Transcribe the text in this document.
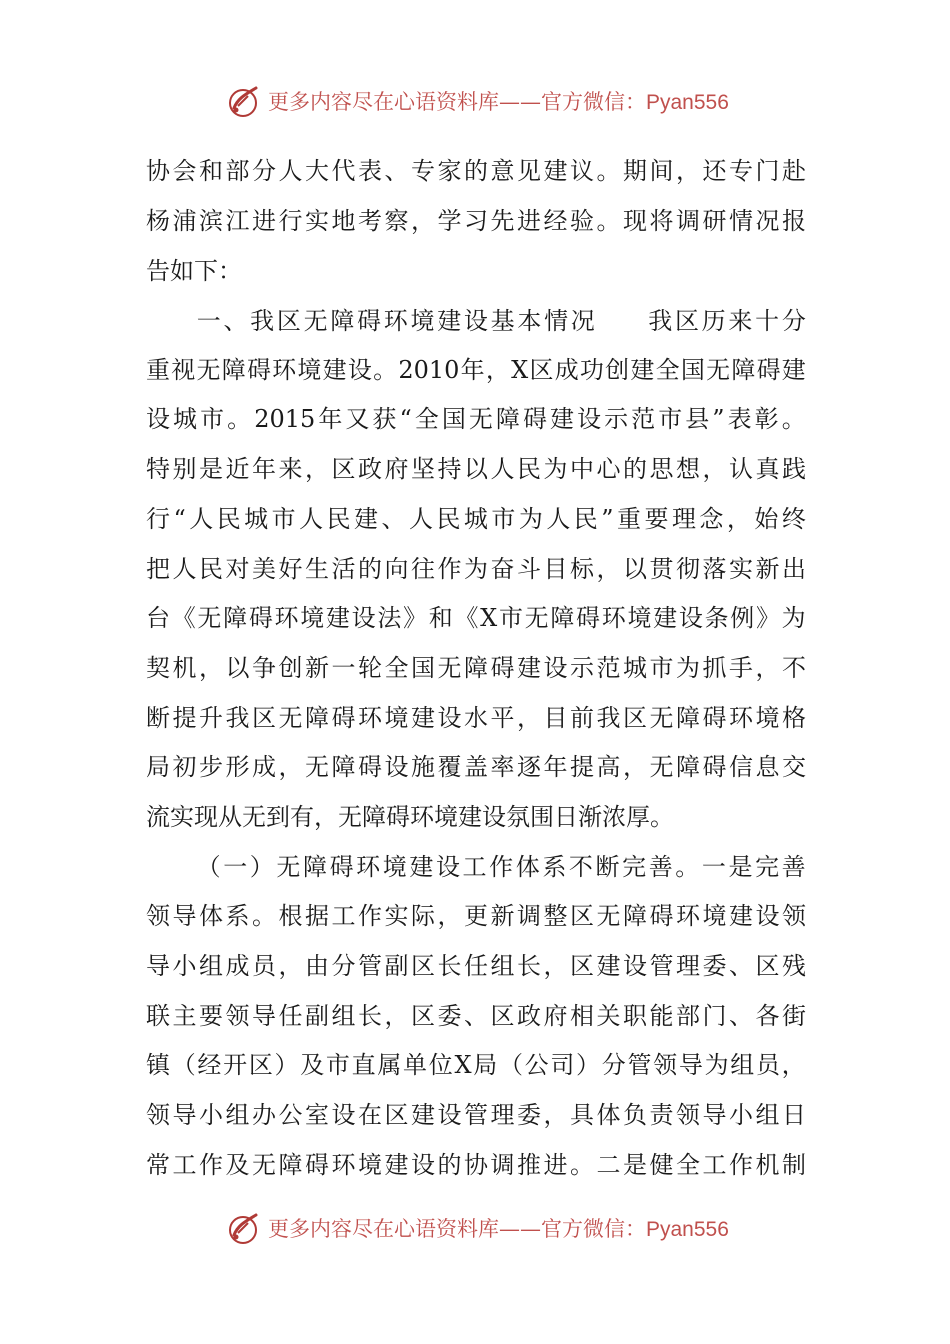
更多内容尽在心语资料库——官方微信：Pyan556
协 会 和 部 分 人 大 代 表 、 专 家 的 意 见 建 议 。 期 间 ， 还 专 门 赴
杨 浦 滨 江 进 行 实 地 考 察 ， 学 习 先 进 经 验 。 现 将 调 研 情 况 报
告如下：

一 、 我 区 无 障 碍 环 境 建 设 基 本 情 况
　　 我 区 历 来 十 分
重 视 无 障 碍 环 境 建 设 。 2010 年 ， X 区 成 功 创 建 全 国 无 障 碍 建
设 城 市 。 2015 年 又 获 “ 全 国 无 障 碍 建 设 示 范 市 县 ” 表 彰 。
特 别 是 近 年 来 ， 区 政 府 坚 持 以 人 民 为 中 心 的 思 想 ， 认 真 践
行 “ 人 民 城 市 人 民 建 、 人 民 城 市 为 人 民 ” 重 要 理 念 ， 始 终
把 人 民 对 美 好 生 活 的 向 往 作 为 奋 斗 目 标 ， 以 贯 彻 落 实 新 出
台 《 无 障 碍 环 境 建 设 法 》 和 《 X 市 无 障 碍 环 境 建 设 条 例 》 为
契 机 ， 以 争 创 新 一 轮 全 国 无 障 碍 建 设 示 范 城 市 为 抓 手 ， 不
断 提 升 我 区 无 障 碍 环 境 建 设 水 平 ， 目 前 我 区 无 障 碍 环 境 格
局 初 步 形 成 ， 无 障 碍 设 施 覆 盖 率 逐 年 提 高 ， 无 障 碍 信 息 交
流实现从无到有，无障碍环境建设氛围日渐浓厚。

（ 一 ） 无 障 碍 环 境 建 设 工 作 体 系 不 断 完 善 。 一 是 完 善
领 导 体 系 。 根 据 工 作 实 际 ， 更 新 调 整 区 无 障 碍 环 境 建 设 领
导 小 组 成 员 ， 由 分 管 副 区 长 任 组 长 ， 区 建 设 管 理 委 、 区 残
联 主 要 领 导 任 副 组 长 ， 区 委 、 区 政 府 相 关 职 能 部 门 、 各 街
镇 （ 经 开 区 ） 及 市 直 属 单 位 X 局 （ 公 司 ） 分 管 领 导 为 组 员 ，
领 导 小 组 办 公 室 设 在 区 建 设 管 理 委 ， 具 体 负 责 领 导 小 组 日
常 工 作 及 无 障 碍 环 境 建 设 的 协 调 推 进 。 二 是 健 全 工 作 机 制
更多内容尽在心语资料库——官方微信：Pyan556
